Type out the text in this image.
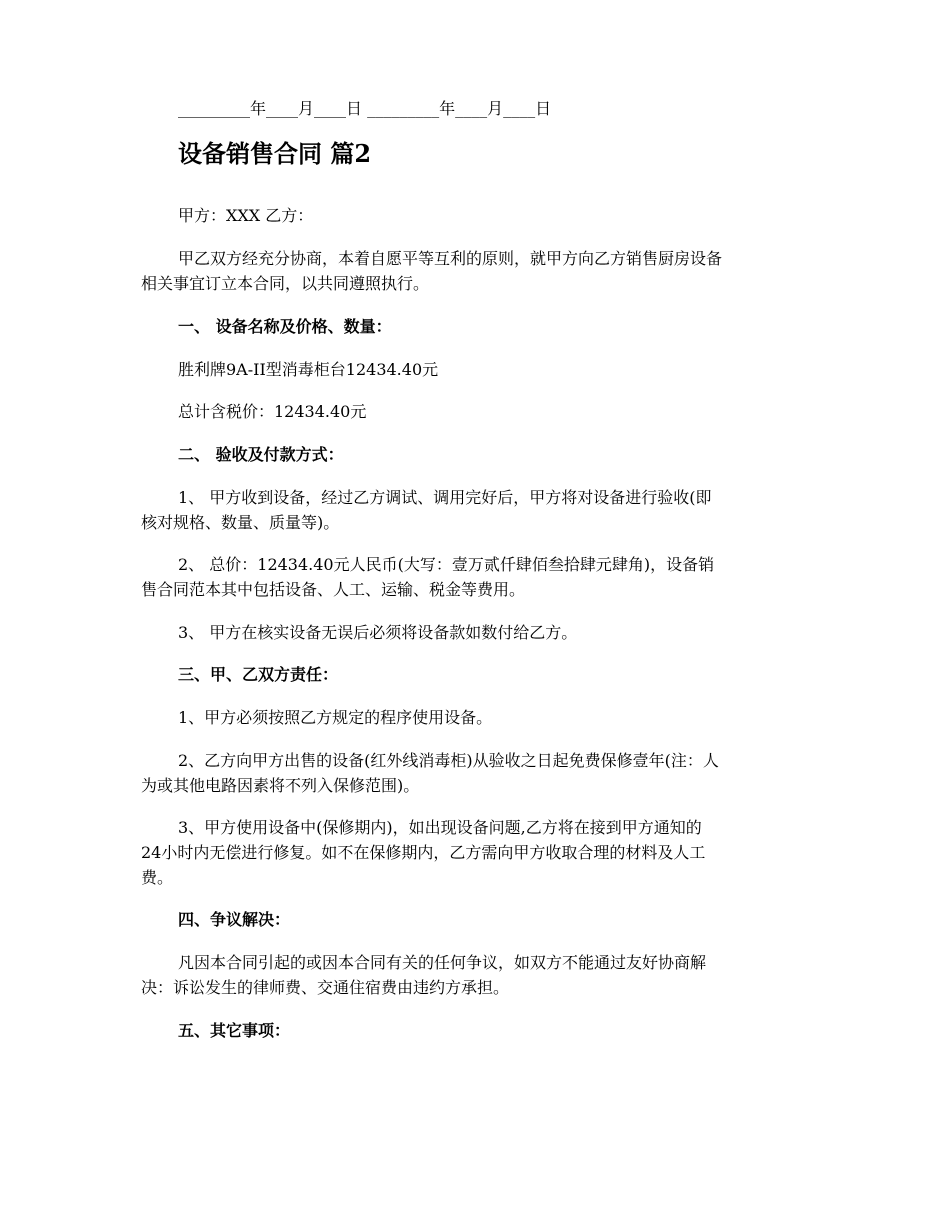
_________年____月____日 _________年____月____日
设备销售合同 篇2
甲方：XXX 乙方：
甲乙双方经充分协商，本着自愿平等互利的原则，就甲方向乙方销售厨房设备
相关事宜订立本合同，以共同遵照执行。
一、 设备名称及价格、数量：
胜利牌9A-II型消毒柜台12434.40元
总计含税价：12434.40元
二、 验收及付款方式：
1、 甲方收到设备，经过乙方调试、调用完好后，甲方将对设备进行验收(即
核对规格、数量、质量等)。
2、 总价：12434.40元人民币(大写：壹万贰仟肆佰叁拾肆元肆角)，设备销
售合同范本其中包括设备、人工、运输、税金等费用。
3、 甲方在核实设备无误后必须将设备款如数付给乙方。
三、甲、乙双方责任：
1、甲方必须按照乙方规定的程序使用设备。
2、乙方向甲方出售的设备(红外线消毒柜)从验收之日起免费保修壹年(注：人
为或其他电路因素将不列入保修范围)。
3、甲方使用设备中(保修期内)，如出现设备问题,乙方将在接到甲方通知的
24小时内无偿进行修复。如不在保修期内，乙方需向甲方收取合理的材料及人工
费。
四、争议解决：
凡因本合同引起的或因本合同有关的任何争议，如双方不能通过友好协商解
决：诉讼发生的律师费、交通住宿费由违约方承担。
五、其它事项：
